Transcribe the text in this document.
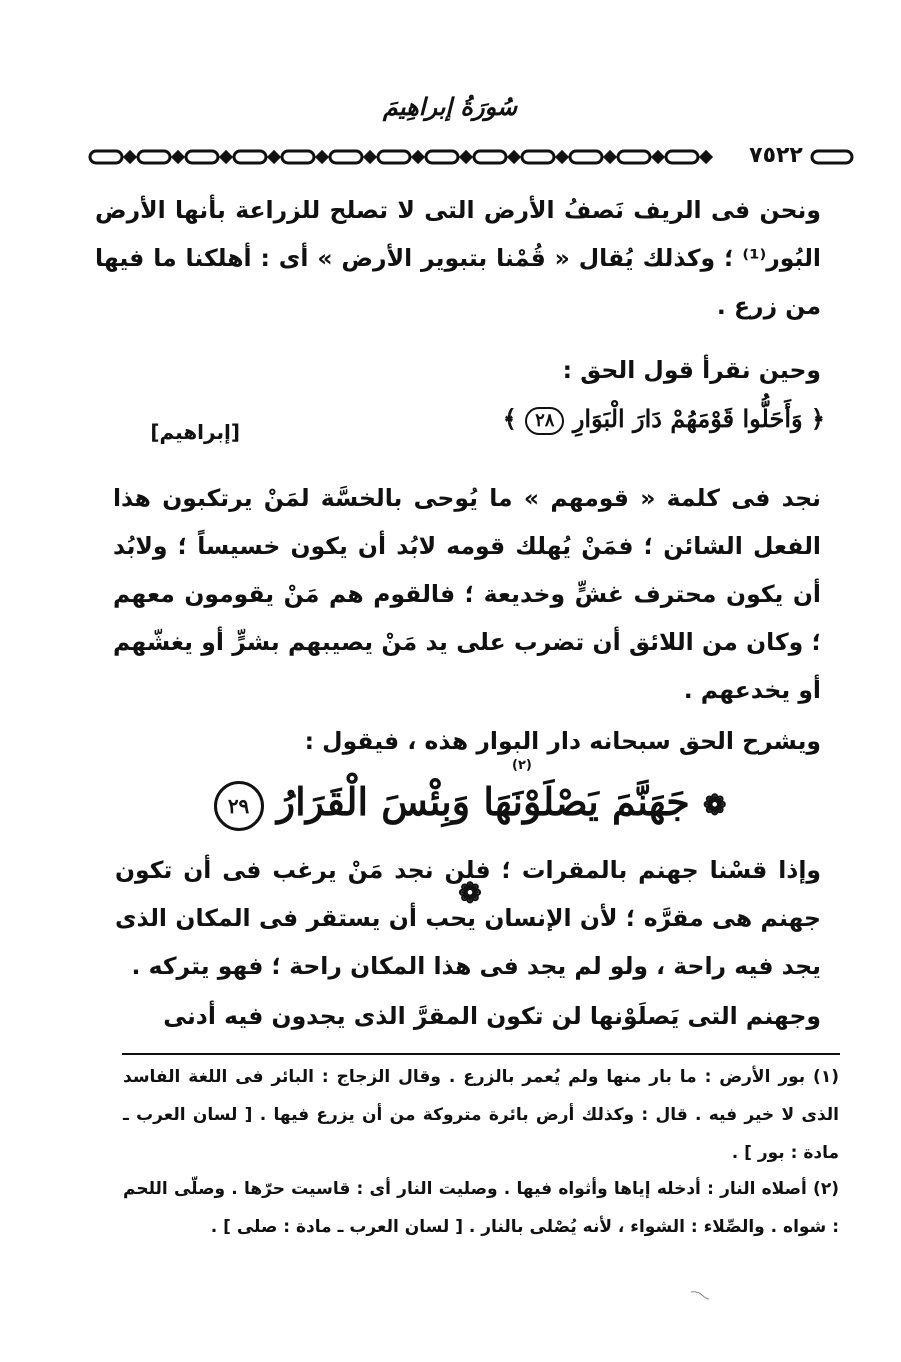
سُورَةُ إبراهِيمَ
٧٥٢٢

ونحن فى الريف نَصفُ الأرض التى لا تصلح للزراعة بأنها الأرض البُور⁽¹⁾ ؛ وكذلك يُقال « قُمْنا بتبوير الأرض » أى : أهلكنا ما فيها من زرع .

وحين نقرأ قول الحق :

﴿ وَأَحَلُّوا قَوْمَهُمْ دَارَ الْبَوَارِ ٢٨ ﴾
[إبراهيم]

نجد فى كلمة « قومهم » ما يُوحى بالخسَّة لمَنْ يرتكبون هذا الفعل الشائن ؛ فمَنْ يُهلك قومه لابُد أن يكون خسيساً ؛ ولابُد أن يكون محترف غشٍّ وخديعة ؛ فالقوم هم مَنْ يقومون معهم ؛ وكان من اللائق أن تضرب على يد مَنْ يصيبهم بشرٍّ أو يغشّهم أو يخدعهم .

ويشرح الحق سبحانه دار البوار هذه ، فيقول :

(٢)
❁ جَهَنَّمَ يَصْلَوْنَهَا وَبِئْسَ الْقَرَارُ ٢٩ ❁

وإذا قسْنا جهنم بالمقرات ؛ فلن نجد مَنْ يرغب فى أن تكون جهنم هى مقرَّه ؛ لأن الإنسان يحب أن يستقر فى المكان الذى يجد فيه راحة ، ولو لم يجد فى هذا المكان راحة ؛ فهو يتركه .

وجهنم التى يَصلَوْنها لن تكون المقرَّ الذى يجدون فيه أدنى

(١) بور الأرض : ما بار منها ولم يُعمر بالزرع . وقال الزجاج : البائر فى اللغة الفاسد الذى لا خير فيه . قال : وكذلك أرض بائرة متروكة من أن يزرع فيها . [ لسان العرب ـ مادة : بور ] .

(٢) أصلاه النار : أدخله إياها وأثواه فيها . وصليت النار أى : قاسيت حرّها . وصلّى اللحم : شواه . والصِّلاء : الشواء ، لأنه يُصْلى بالنار . [ لسان العرب ـ مادة : صلى ] .
